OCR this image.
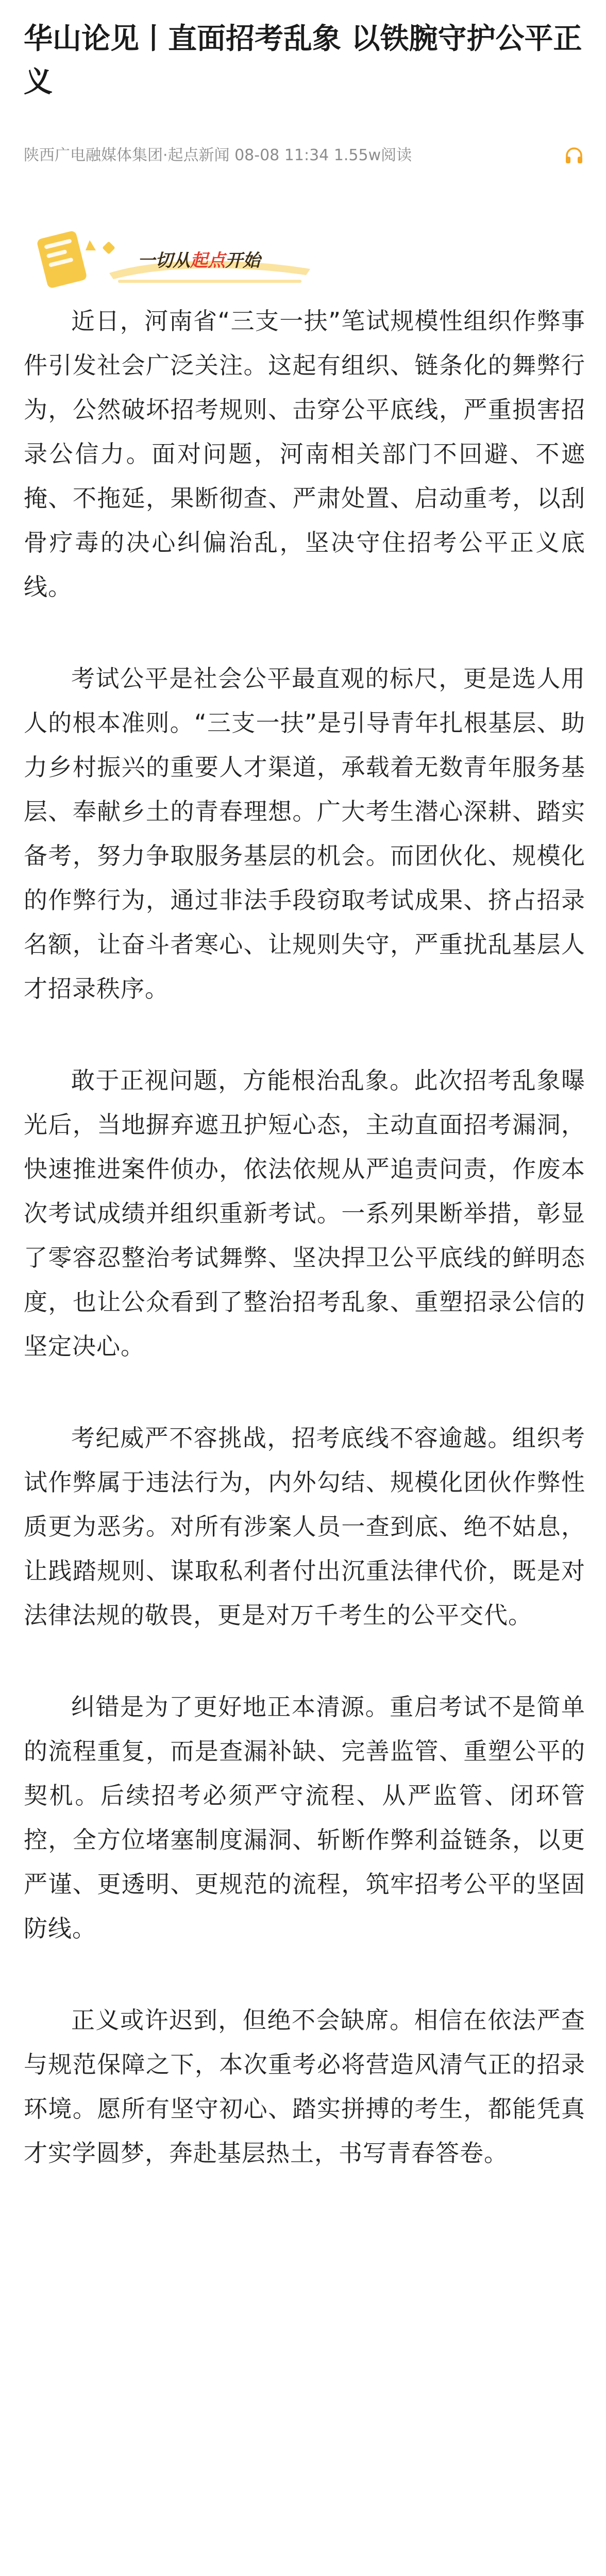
华山论见丨直面招考乱象 以铁腕守护公平正义
陕西广电融媒体集团·起点新闻 08-08 11:34 1.55w阅读
一切从起点开始

近日，河南省“三支一扶”笔试规模性组织作弊事件引发社会广泛关注。这起有组织、链条化的舞弊行为，公然破坏招考规则、击穿公平底线，严重损害招录公信力。面对问题，河南相关部门不回避、不遮掩、不拖延，果断彻查、严肃处置、启动重考，以刮骨疗毒的决心纠偏治乱，坚决守住招考公平正义底线。

考试公平是社会公平最直观的标尺，更是选人用人的根本准则。“三支一扶”是引导青年扎根基层、助力乡村振兴的重要人才渠道，承载着无数青年服务基层、奉献乡土的青春理想。广大考生潜心深耕、踏实备考，努力争取服务基层的机会。而团伙化、规模化的作弊行为，通过非法手段窃取考试成果、挤占招录名额，让奋斗者寒心、让规则失守，严重扰乱基层人才招录秩序。

敢于正视问题，方能根治乱象。此次招考乱象曝光后，当地摒弃遮丑护短心态，主动直面招考漏洞，快速推进案件侦办，依法依规从严追责问责，作废本次考试成绩并组织重新考试。一系列果断举措，彰显了零容忍整治考试舞弊、坚决捍卫公平底线的鲜明态度，也让公众看到了整治招考乱象、重塑招录公信的坚定决心。

考纪威严不容挑战，招考底线不容逾越。组织考试作弊属于违法行为，内外勾结、规模化团伙作弊性质更为恶劣。对所有涉案人员一查到底、绝不姑息，让践踏规则、谋取私利者付出沉重法律代价，既是对法律法规的敬畏，更是对万千考生的公平交代。

纠错是为了更好地正本清源。重启考试不是简单的流程重复，而是查漏补缺、完善监管、重塑公平的契机。后续招考必须严守流程、从严监管、闭环管控，全方位堵塞制度漏洞、斩断作弊利益链条，以更严谨、更透明、更规范的流程，筑牢招考公平的坚固防线。

正义或许迟到，但绝不会缺席。相信在依法严查与规范保障之下，本次重考必将营造风清气正的招录环境。愿所有坚守初心、踏实拼搏的考生，都能凭真才实学圆梦，奔赴基层热土，书写青春答卷。
